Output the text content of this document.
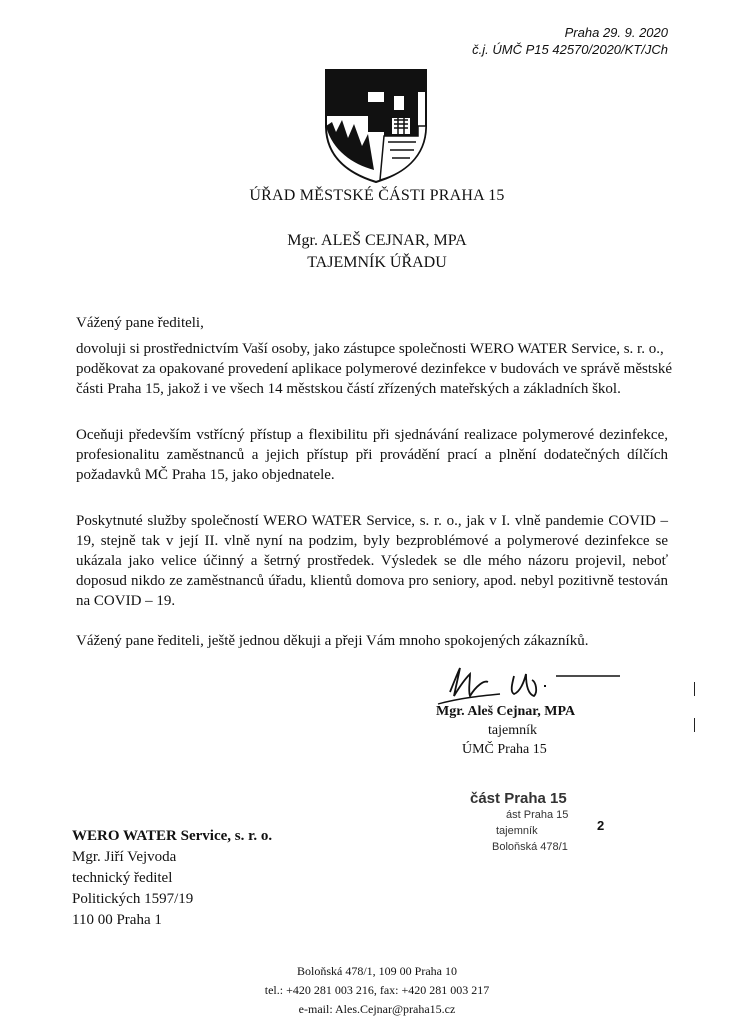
Praha 29. 9. 2020
č.j. ÚMČ P15 42570/2020/KT/JCh
ÚŘAD MĚSTSKÉ ČÁSTI PRAHA 15
Mgr. ALEŠ CEJNAR, MPA
TAJEMNÍK ÚŘADU
Vážený pane řediteli,
dovoluji si prostřednictvím Vaší osoby, jako zástupce společnosti WERO WATER Service, s. r. o.,
poděkovat za opakované provedení aplikace polymerové dezinfekce v budovách ve správě městské
části Praha 15, jakož i ve všech 14 městskou částí zřízených mateřských a základních škol.
Oceňuji především vstřícný přístup a flexibilitu při sjednávání realizace polymerové dezinfekce, profesionalitu zaměstnanců a jejich přístup při provádění prací a plnění dodatečných dílčích požadavků MČ Praha 15, jako objednatele.
Poskytnuté služby společností WERO WATER Service, s. r. o., jak v I. vlně pandemie COVID – 19, stejně tak v její II. vlně nyní na podzim, byly bezproblémové a polymerové dezinfekce se ukázala jako velice účinný a šetrný prostředek. Výsledek se dle mého názoru projevil, neboť doposud nikdo ze zaměstnanců úřadu, klientů domova pro seniory, apod. nebyl pozitivně testován na COVID – 19.
Vážený pane řediteli, ještě jednou děkuji a přeji Vám mnoho spokojených zákazníků.
Mgr. Aleš Cejnar, MPA
tajemník
ÚMČ Praha 15
část Praha 15
ást Praha 15
tajemník
Boloňská 478/1
2
WERO WATER Service, s. r. o.
Mgr. Jiří Vejvoda
technický ředitel
Politických 1597/19
110 00 Praha 1
Boloňská 478/1, 109 00 Praha 10
tel.: +420 281 003 216, fax: +420 281 003 217
e-mail: Ales.Cejnar@praha15.cz
